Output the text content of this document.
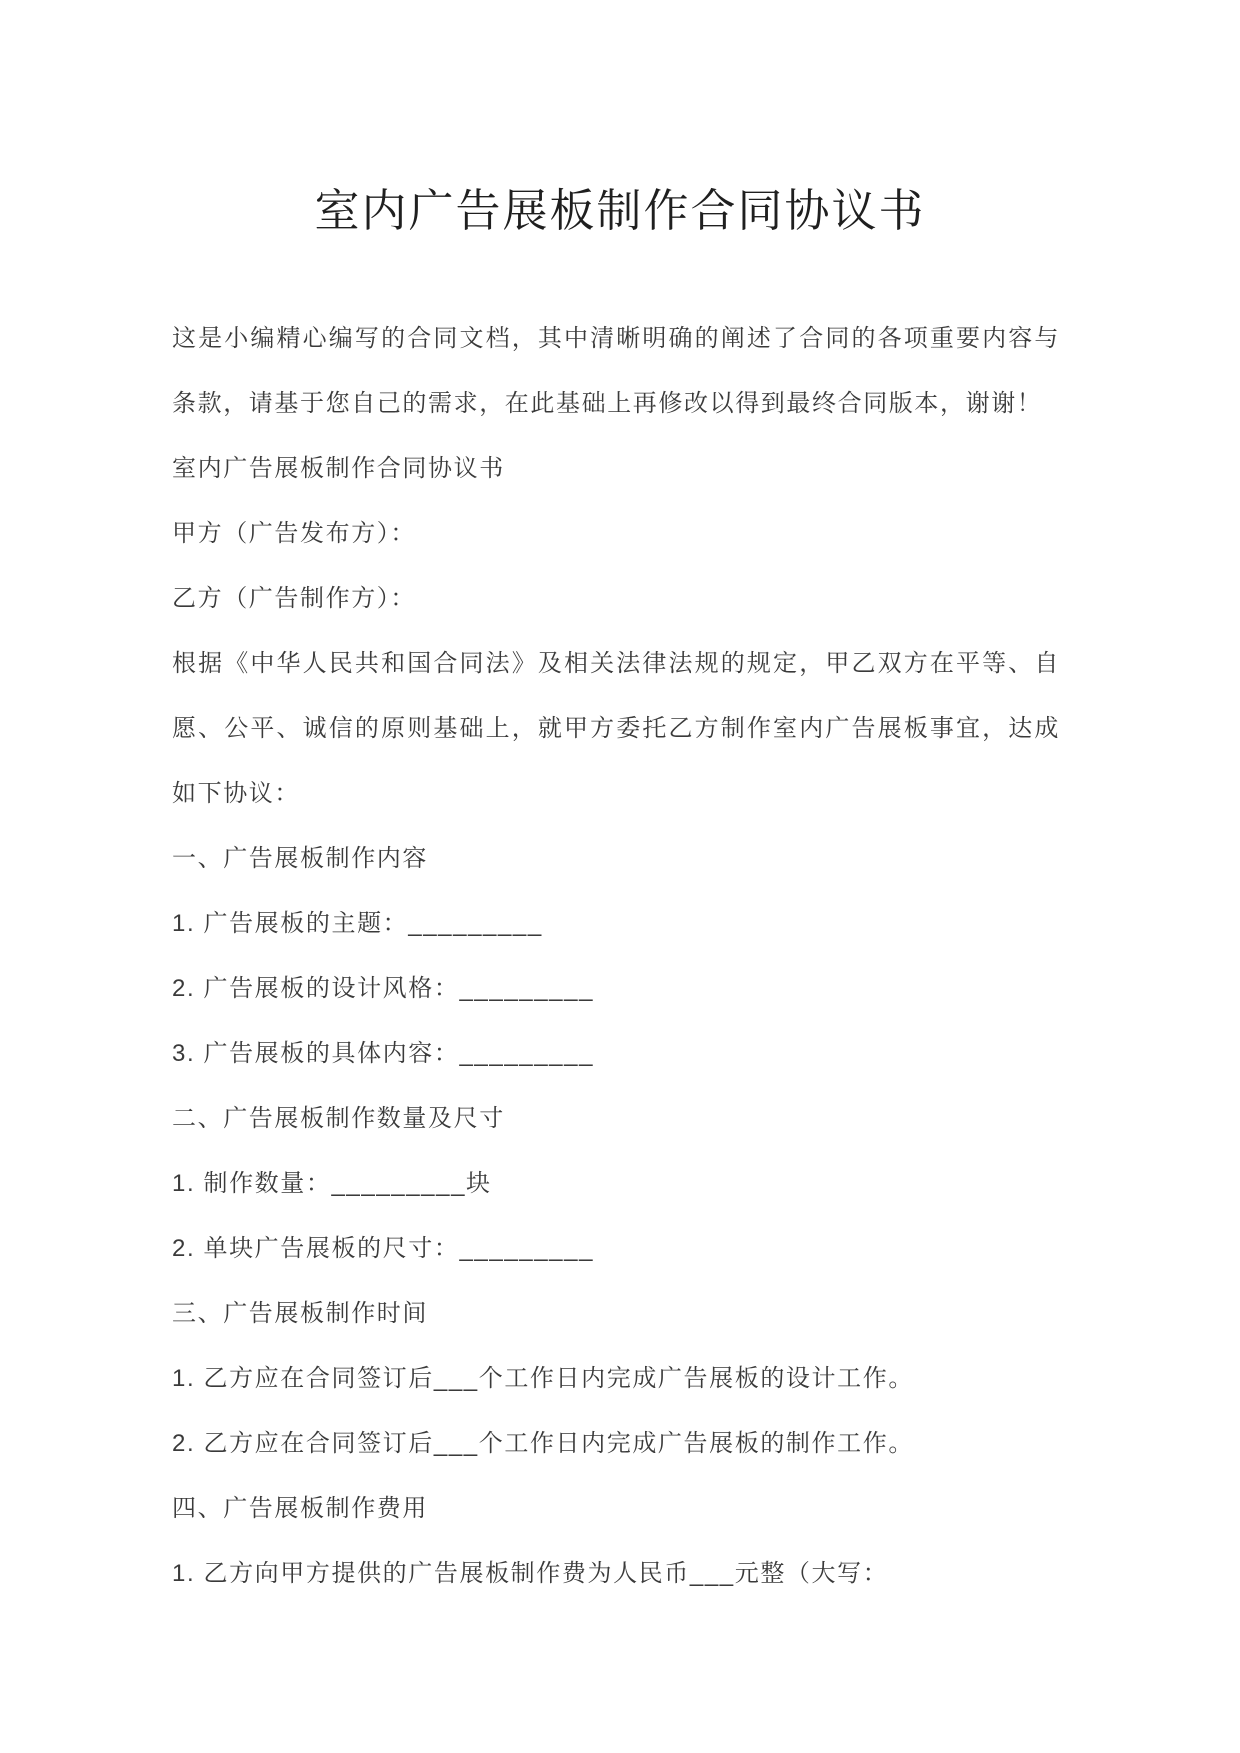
室内广告展板制作合同协议书

这是小编精心编写的合同文档，其中清晰明确的阐述了合同的各项重要内容与条款，请基于您自己的需求，在此基础上再修改以得到最终合同版本，谢谢！

室内广告展板制作合同协议书

甲方（广告发布方）：

乙方（广告制作方）：

根据《中华人民共和国合同法》及相关法律法规的规定，甲乙双方在平等、自愿、公平、诚信的原则基础上，就甲方委托乙方制作室内广告展板事宜，达成如下协议：

一、广告展板制作内容

1. 广告展板的主题：_________

2. 广告展板的设计风格：_________

3. 广告展板的具体内容：_________

二、广告展板制作数量及尺寸

1. 制作数量：_________块

2. 单块广告展板的尺寸：_________

三、广告展板制作时间

1. 乙方应在合同签订后___个工作日内完成广告展板的设计工作。

2. 乙方应在合同签订后___个工作日内完成广告展板的制作工作。

四、广告展板制作费用

1. 乙方向甲方提供的广告展板制作费为人民币___元整（大写：
